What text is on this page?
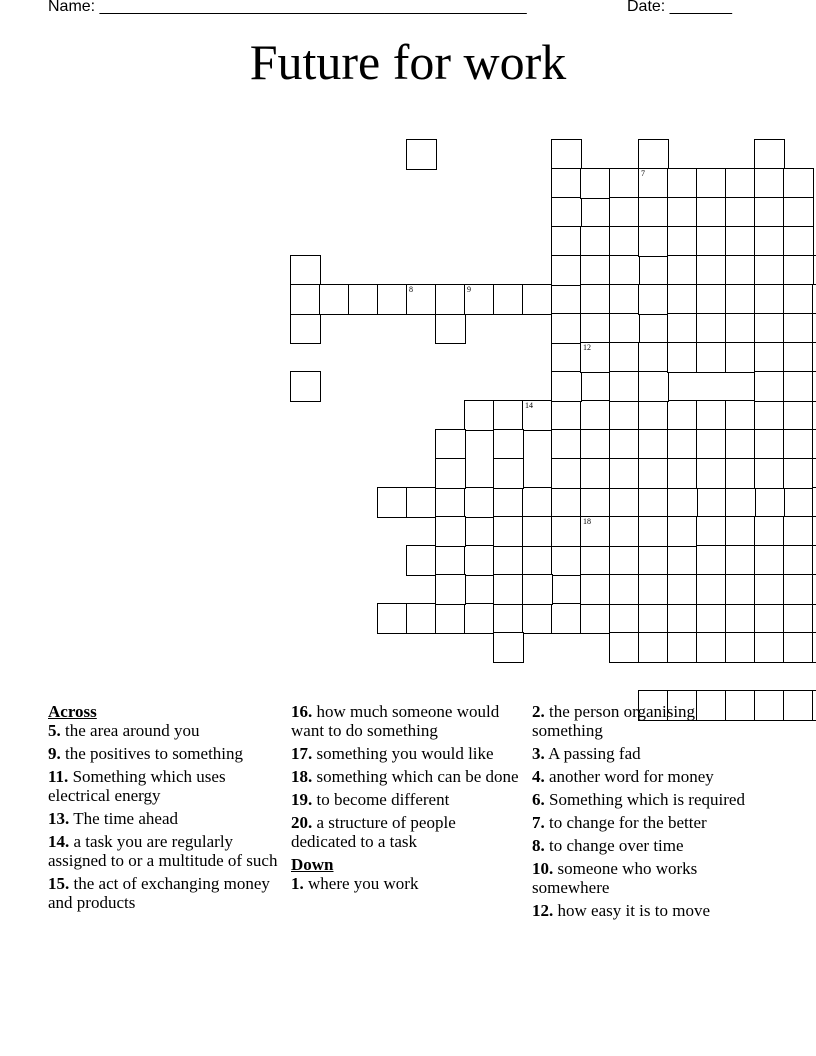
Name: ________________________________________________	Date: _______
Future for work
8	9
14
12
18
7

Across

5. the area around you

9. the positives to something

11. Something which uses electrical energy

13. The time ahead

14. a task you are regularly assigned to or a multitude of such

15. the act of exchanging money and products

16. how much someone would want to do something

17. something you would like

18. something which can be done

19. to become different

20. a structure of people dedicated to a task

Down

1. where you work

2. the person organising something

3. A passing fad

4. another word for money

6. Something which is required

7. to change for the better

8. to change over time

10. someone who works somewhere

12. how easy it is to move
